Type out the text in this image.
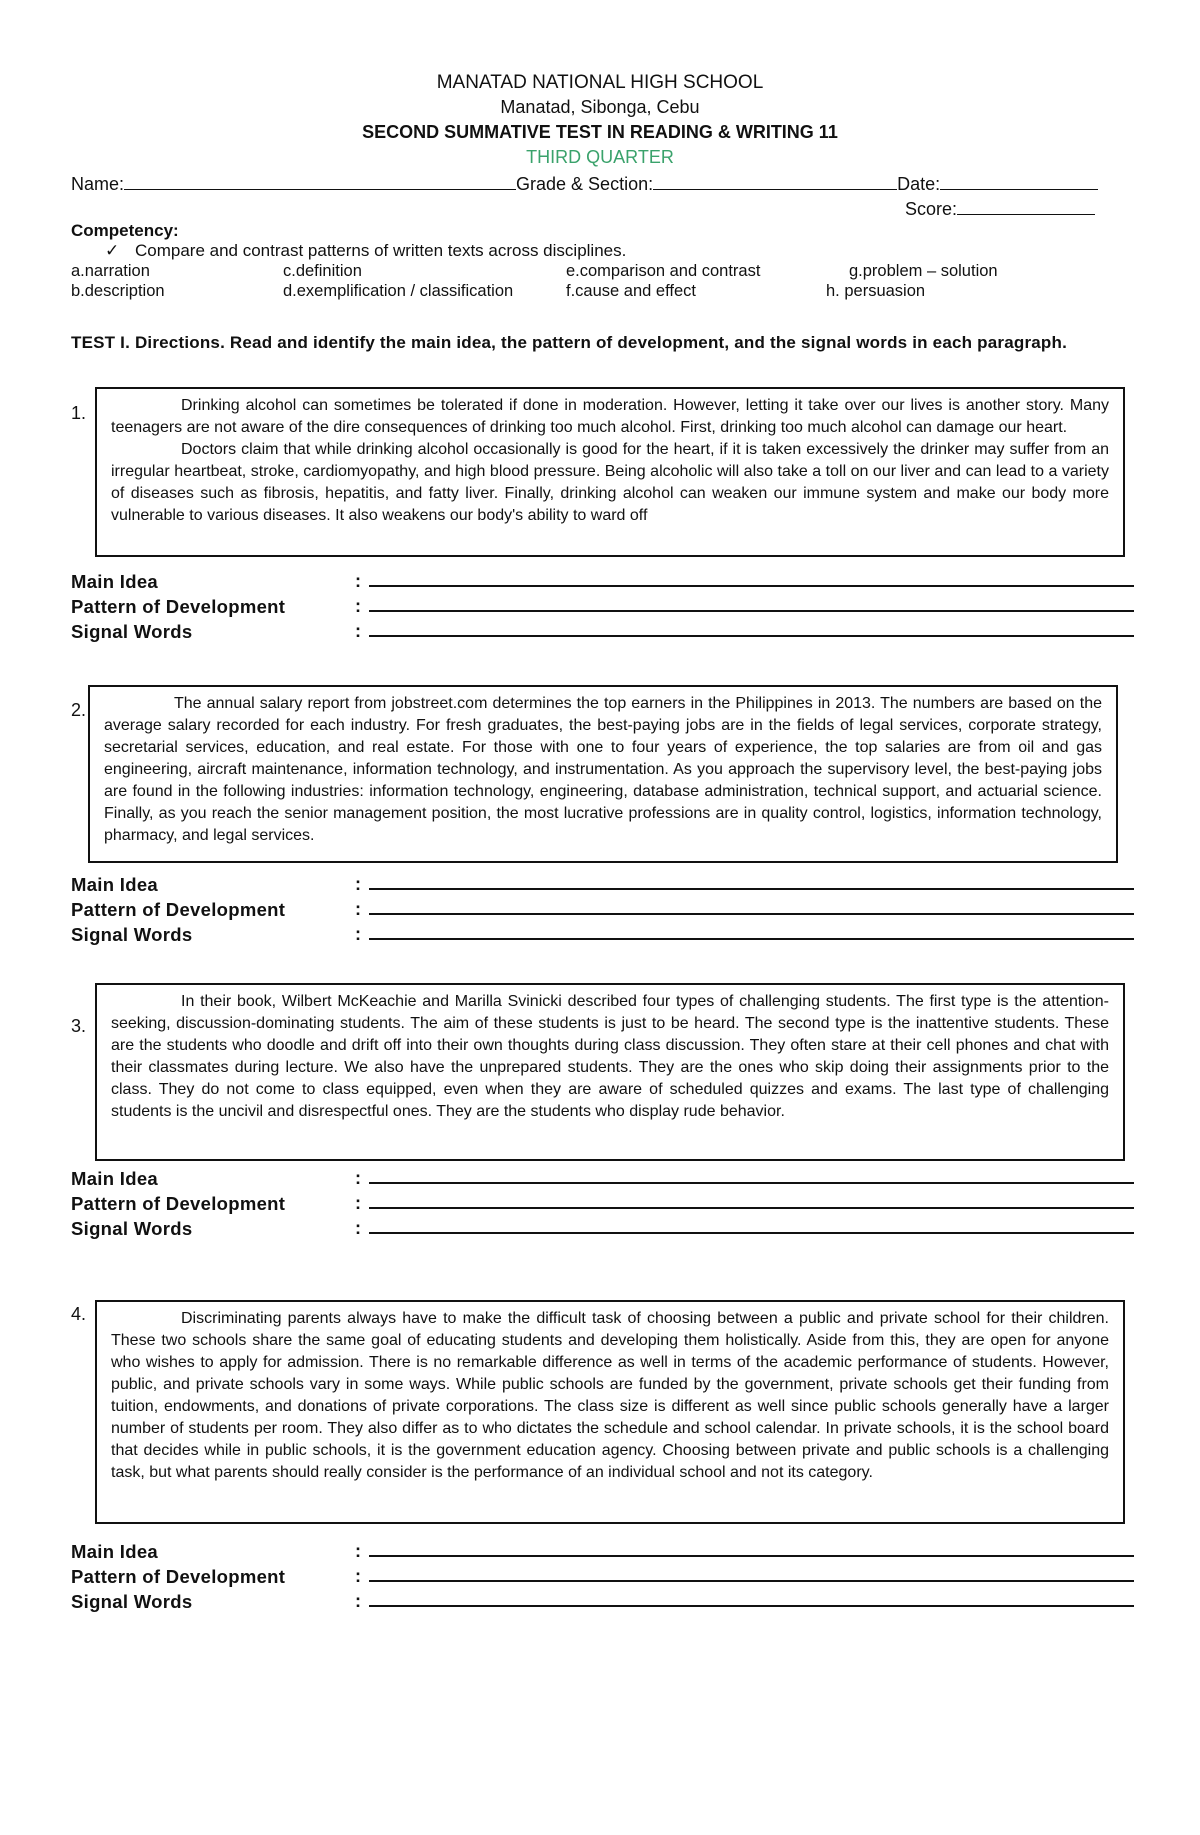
MANATAD NATIONAL HIGH SCHOOL
Manatad, Sibonga, Cebu
SECOND SUMMATIVE TEST IN READING & WRITING 11
THIRD QUARTER
Name:	Grade & Section:	Date:
Score:
Competency:
✓ Compare and contrast patterns of written texts across disciplines.
a.narration	c.definition	e.comparison and contrast	g.problem – solution
b.description	d.exemplification / classification	f.cause and effect	h. persuasion
TEST I. Directions. Read and identify the main idea, the pattern of development, and the signal words in each paragraph.
1.	Drinking alcohol can sometimes be tolerated if done in moderation. However, letting it take over our lives is another story. Many teenagers are not aware of the dire consequences of drinking too much alcohol. First, drinking too much alcohol can damage our heart.

Doctors claim that while drinking alcohol occasionally is good for the heart, if it is taken excessively the drinker may suffer from an irregular heartbeat, stroke, cardiomyopathy, and high blood pressure. Being alcoholic will also take a toll on our liver and can lead to a variety of diseases such as fibrosis, hepatitis, and fatty liver. Finally, drinking alcohol can weaken our immune system and make our body more vulnerable to various diseases. It also weakens our body's ability to ward off

Main Idea	:
Pattern of Development	:
Signal Words	:
2.	The annual salary report from jobstreet.com determines the top earners in the Philippines in 2013. The numbers are based on the average salary recorded for each industry. For fresh graduates, the best-paying jobs are in the fields of legal services, corporate strategy, secretarial services, education, and real estate. For those with one to four years of experience, the top salaries are from oil and gas engineering, aircraft maintenance, information technology, and instrumentation. As you approach the supervisory level, the best-paying jobs are found in the following industries: information technology, engineering, database administration, technical support, and actuarial science. Finally, as you reach the senior management position, the most lucrative professions are in quality control, logistics, information technology, pharmacy, and legal services.

Main Idea	:
Pattern of Development	:
Signal Words	:
3.

In their book, Wilbert McKeachie and Marilla Svinicki described four types of challenging students. The first type is the attention-seeking, discussion-dominating students. The aim of these students is just to be heard. The second type is the inattentive students. These are the students who doodle and drift off into their own thoughts during class discussion. They often stare at their cell phones and chat with their classmates during lecture. We also have the unprepared students. They are the ones who skip doing their assignments prior to the class. They do not come to class equipped, even when they are aware of scheduled quizzes and exams. The last type of challenging students is the uncivil and disrespectful ones. They are the students who display rude behavior.

Main Idea	:
Pattern of Development	:
Signal Words	:
4.	Discriminating parents always have to make the difficult task of choosing between a public and private school for their children. These two schools share the same goal of educating students and developing them holistically. Aside from this, they are open for anyone who wishes to apply for admission. There is no remarkable difference as well in terms of the academic performance of students. However, public, and private schools vary in some ways. While public schools are funded by the government, private schools get their funding from tuition, endowments, and donations of private corporations. The class size is different as well since public schools generally have a larger number of students per room. They also differ as to who dictates the schedule and school calendar. In private schools, it is the school board that decides while in public schools, it is the government education agency. Choosing between private and public schools is a challenging task, but what parents should really consider is the performance of an individual school and not its category.

Main Idea	:
Pattern of Development	:
Signal Words	:
